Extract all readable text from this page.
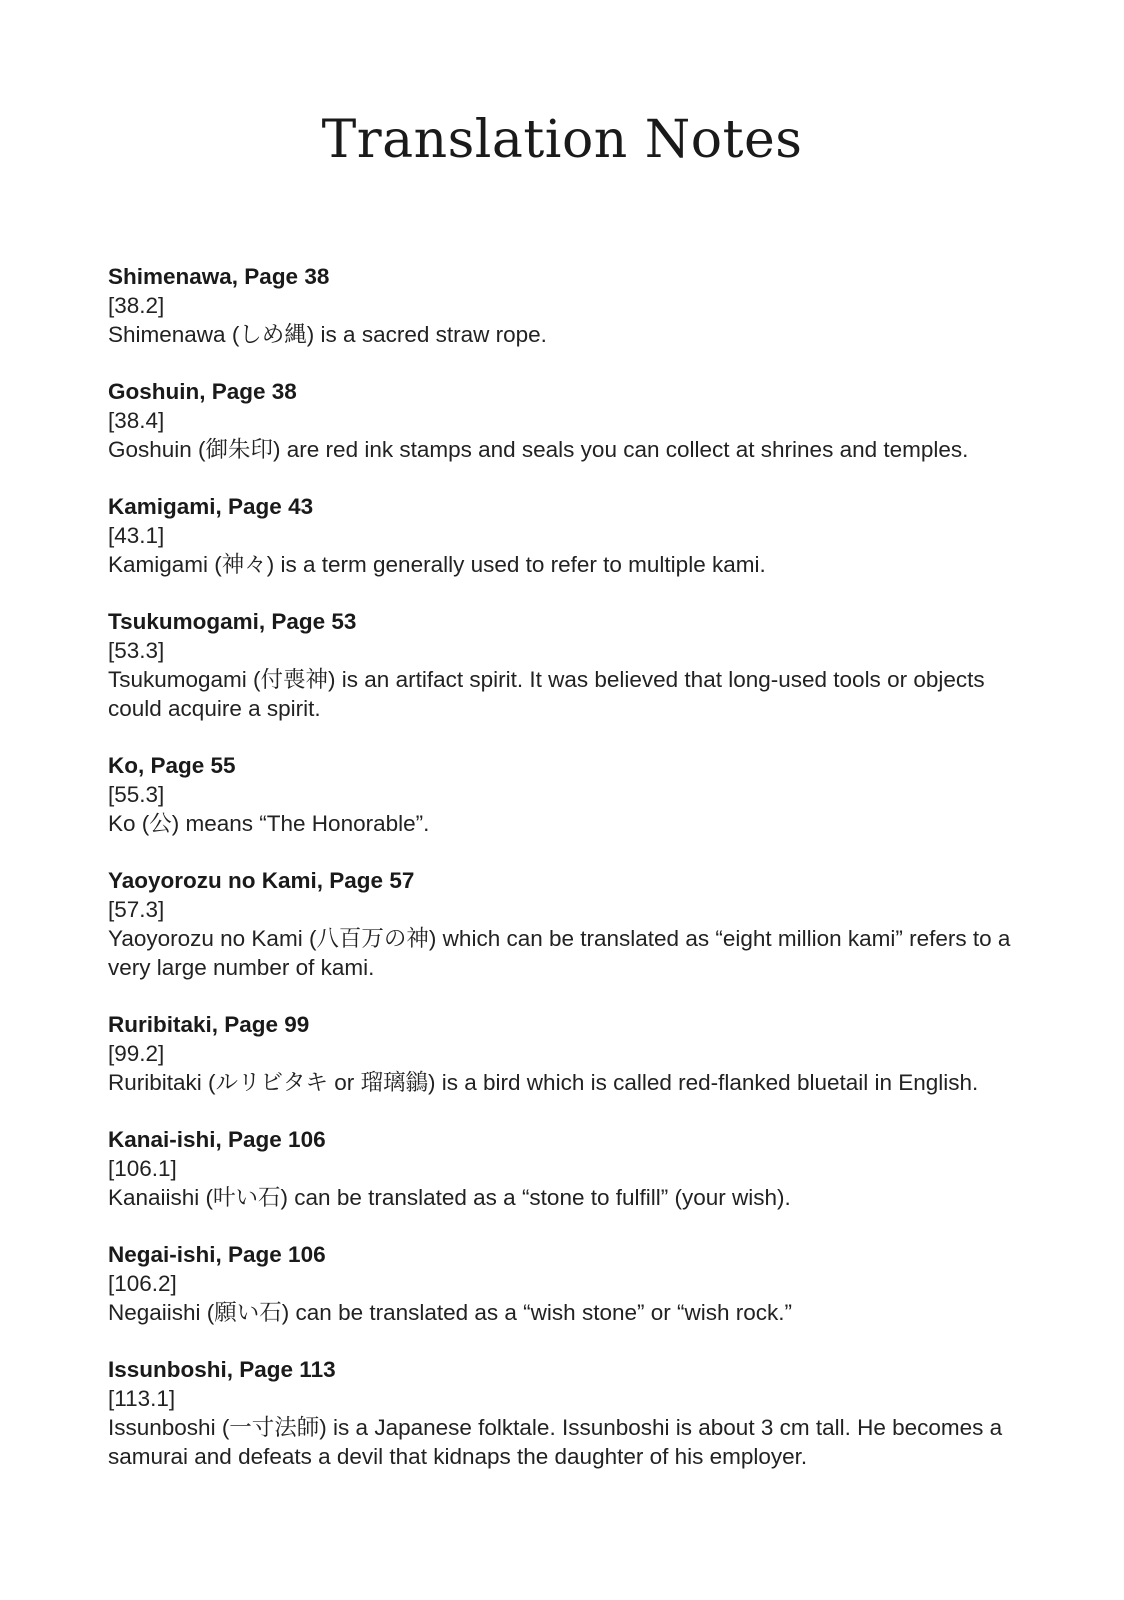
Translation Notes
Shimenawa, Page 38
[38.2]
Shimenawa (しめ縄) is a sacred straw rope.
Goshuin, Page 38
[38.4]
Goshuin (御朱印) are red ink stamps and seals you can collect at shrines and temples.
Kamigami, Page 43
[43.1]
Kamigami (神々) is a term generally used to refer to multiple kami.
Tsukumogami, Page 53
[53.3]
Tsukumogami (付喪神) is an artifact spirit. It was believed that long-used tools or objects could acquire a spirit.
Ko, Page 55
[55.3]
Ko (公) means “The Honorable”.
Yaoyorozu no Kami, Page 57
[57.3]
Yaoyorozu no Kami (八百万の神) which can be translated as “eight million kami” refers to a very large number of kami.
Ruribitaki, Page 99
[99.2]
Ruribitaki (ルリビタキ or 瑠璃鶲) is a bird which is called red-flanked bluetail in English.
Kanai-ishi, Page 106
[106.1]
Kanaiishi (叶い石) can be translated as a “stone to fulfill” (your wish).
Negai-ishi, Page 106
[106.2]
Negaiishi (願い石) can be translated as a “wish stone” or “wish rock.”
Issunboshi, Page 113
[113.1]
Issunboshi (一寸法師) is a Japanese folktale. Issunboshi is about 3 cm tall. He becomes a samurai and defeats a devil that kidnaps the daughter of his employer.
